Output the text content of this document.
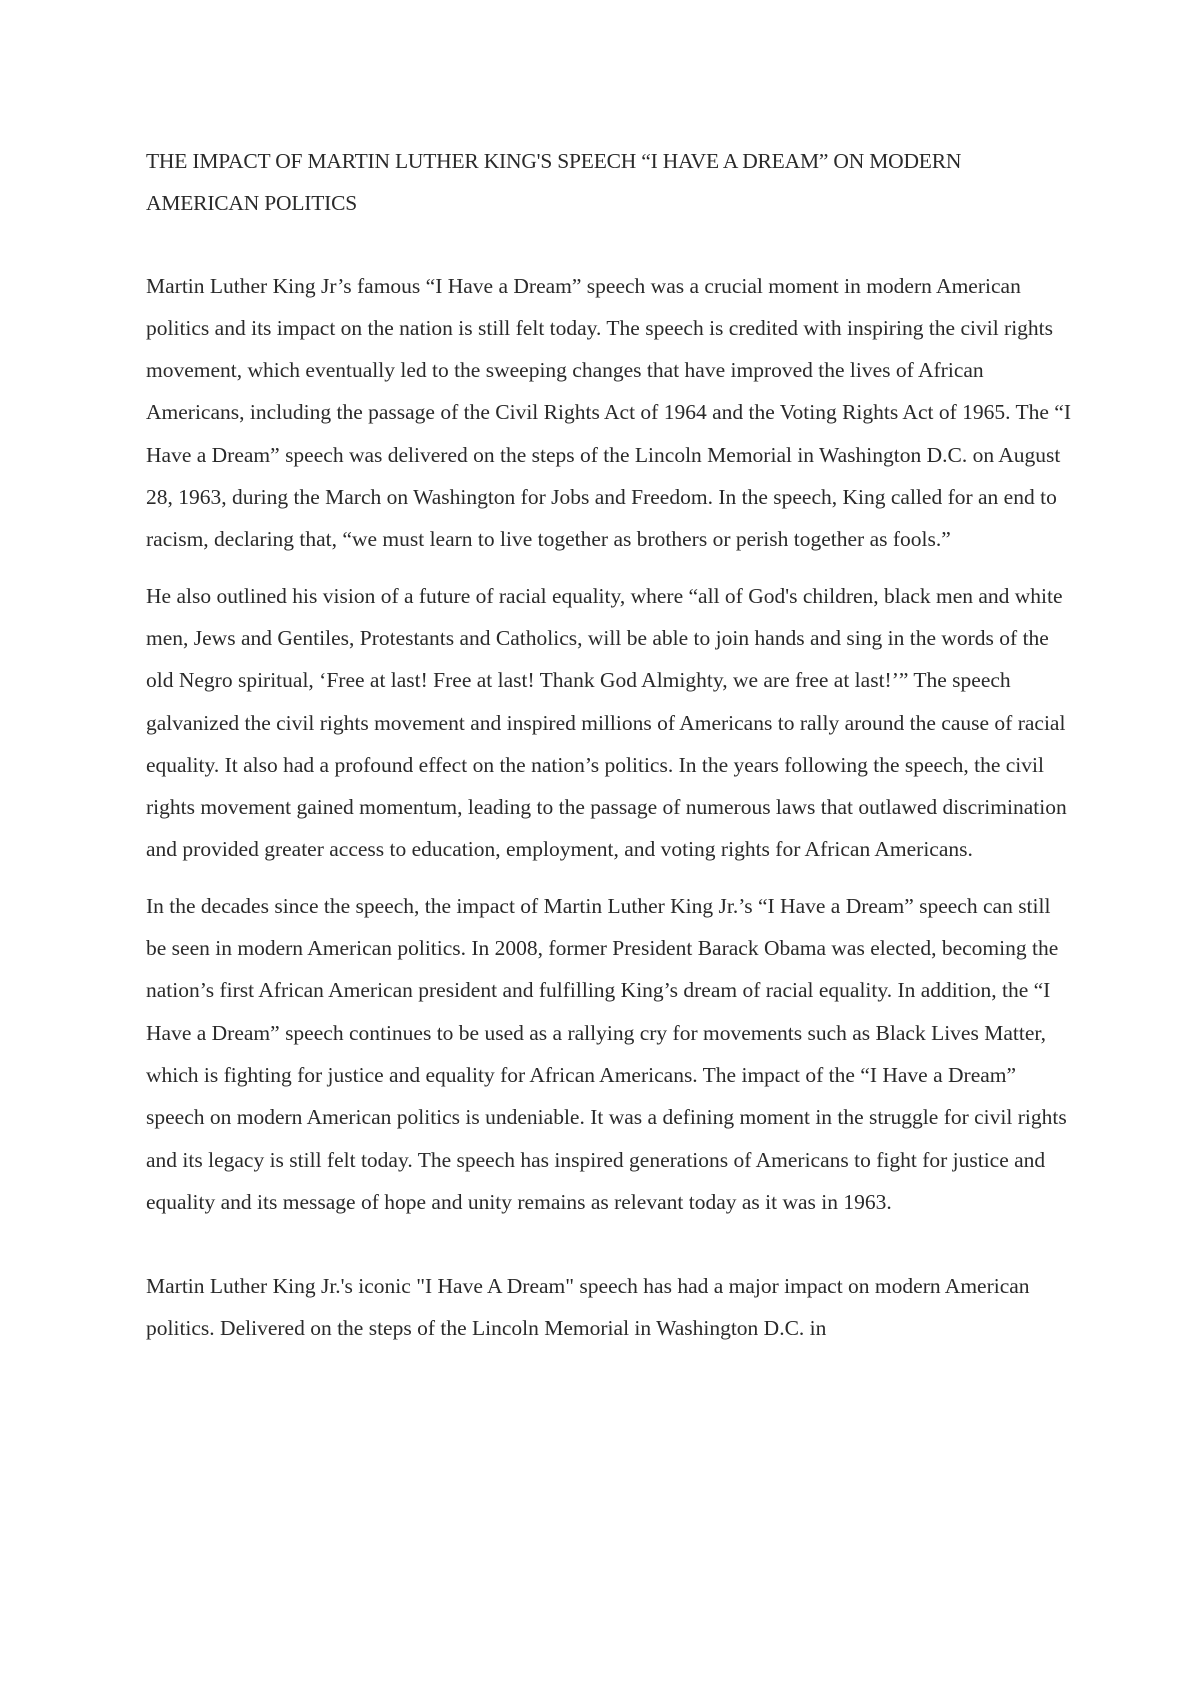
THE IMPACT OF MARTIN LUTHER KING'S SPEECH “I HAVE A DREAM” ON MODERN AMERICAN POLITICS

Martin Luther King Jr’s famous “I Have a Dream” speech was a crucial moment in modern American politics and its impact on the nation is still felt today. The speech is credited with inspiring the civil rights movement, which eventually led to the sweeping changes that have improved the lives of African Americans, including the passage of the Civil Rights Act of 1964 and the Voting Rights Act of 1965. The “I Have a Dream” speech was delivered on the steps of the Lincoln Memorial in Washington D.C. on August 28, 1963, during the March on Washington for Jobs and Freedom. In the speech, King called for an end to racism, declaring that, “we must learn to live together as brothers or perish together as fools.”

He also outlined his vision of a future of racial equality, where “all of God's children, black men and white men, Jews and Gentiles, Protestants and Catholics, will be able to join hands and sing in the words of the old Negro spiritual, ‘Free at last! Free at last! Thank God Almighty, we are free at last!’” The speech galvanized the civil rights movement and inspired millions of Americans to rally around the cause of racial equality. It also had a profound effect on the nation’s politics. In the years following the speech, the civil rights movement gained momentum, leading to the passage of numerous laws that outlawed discrimination and provided greater access to education, employment, and voting rights for African Americans.

In the decades since the speech, the impact of Martin Luther King Jr.’s “I Have a Dream” speech can still be seen in modern American politics. In 2008, former President Barack Obama was elected, becoming the nation’s first African American president and fulfilling King’s dream of racial equality. In addition, the “I Have a Dream” speech continues to be used as a rallying cry for movements such as Black Lives Matter, which is fighting for justice and equality for African Americans. The impact of the “I Have a Dream” speech on modern American politics is undeniable. It was a defining moment in the struggle for civil rights and its legacy is still felt today. The speech has inspired generations of Americans to fight for justice and equality and its message of hope and unity remains as relevant today as it was in 1963.

Martin Luther King Jr.'s iconic "I Have A Dream" speech has had a major impact on modern American politics. Delivered on the steps of the Lincoln Memorial in Washington D.C. in
